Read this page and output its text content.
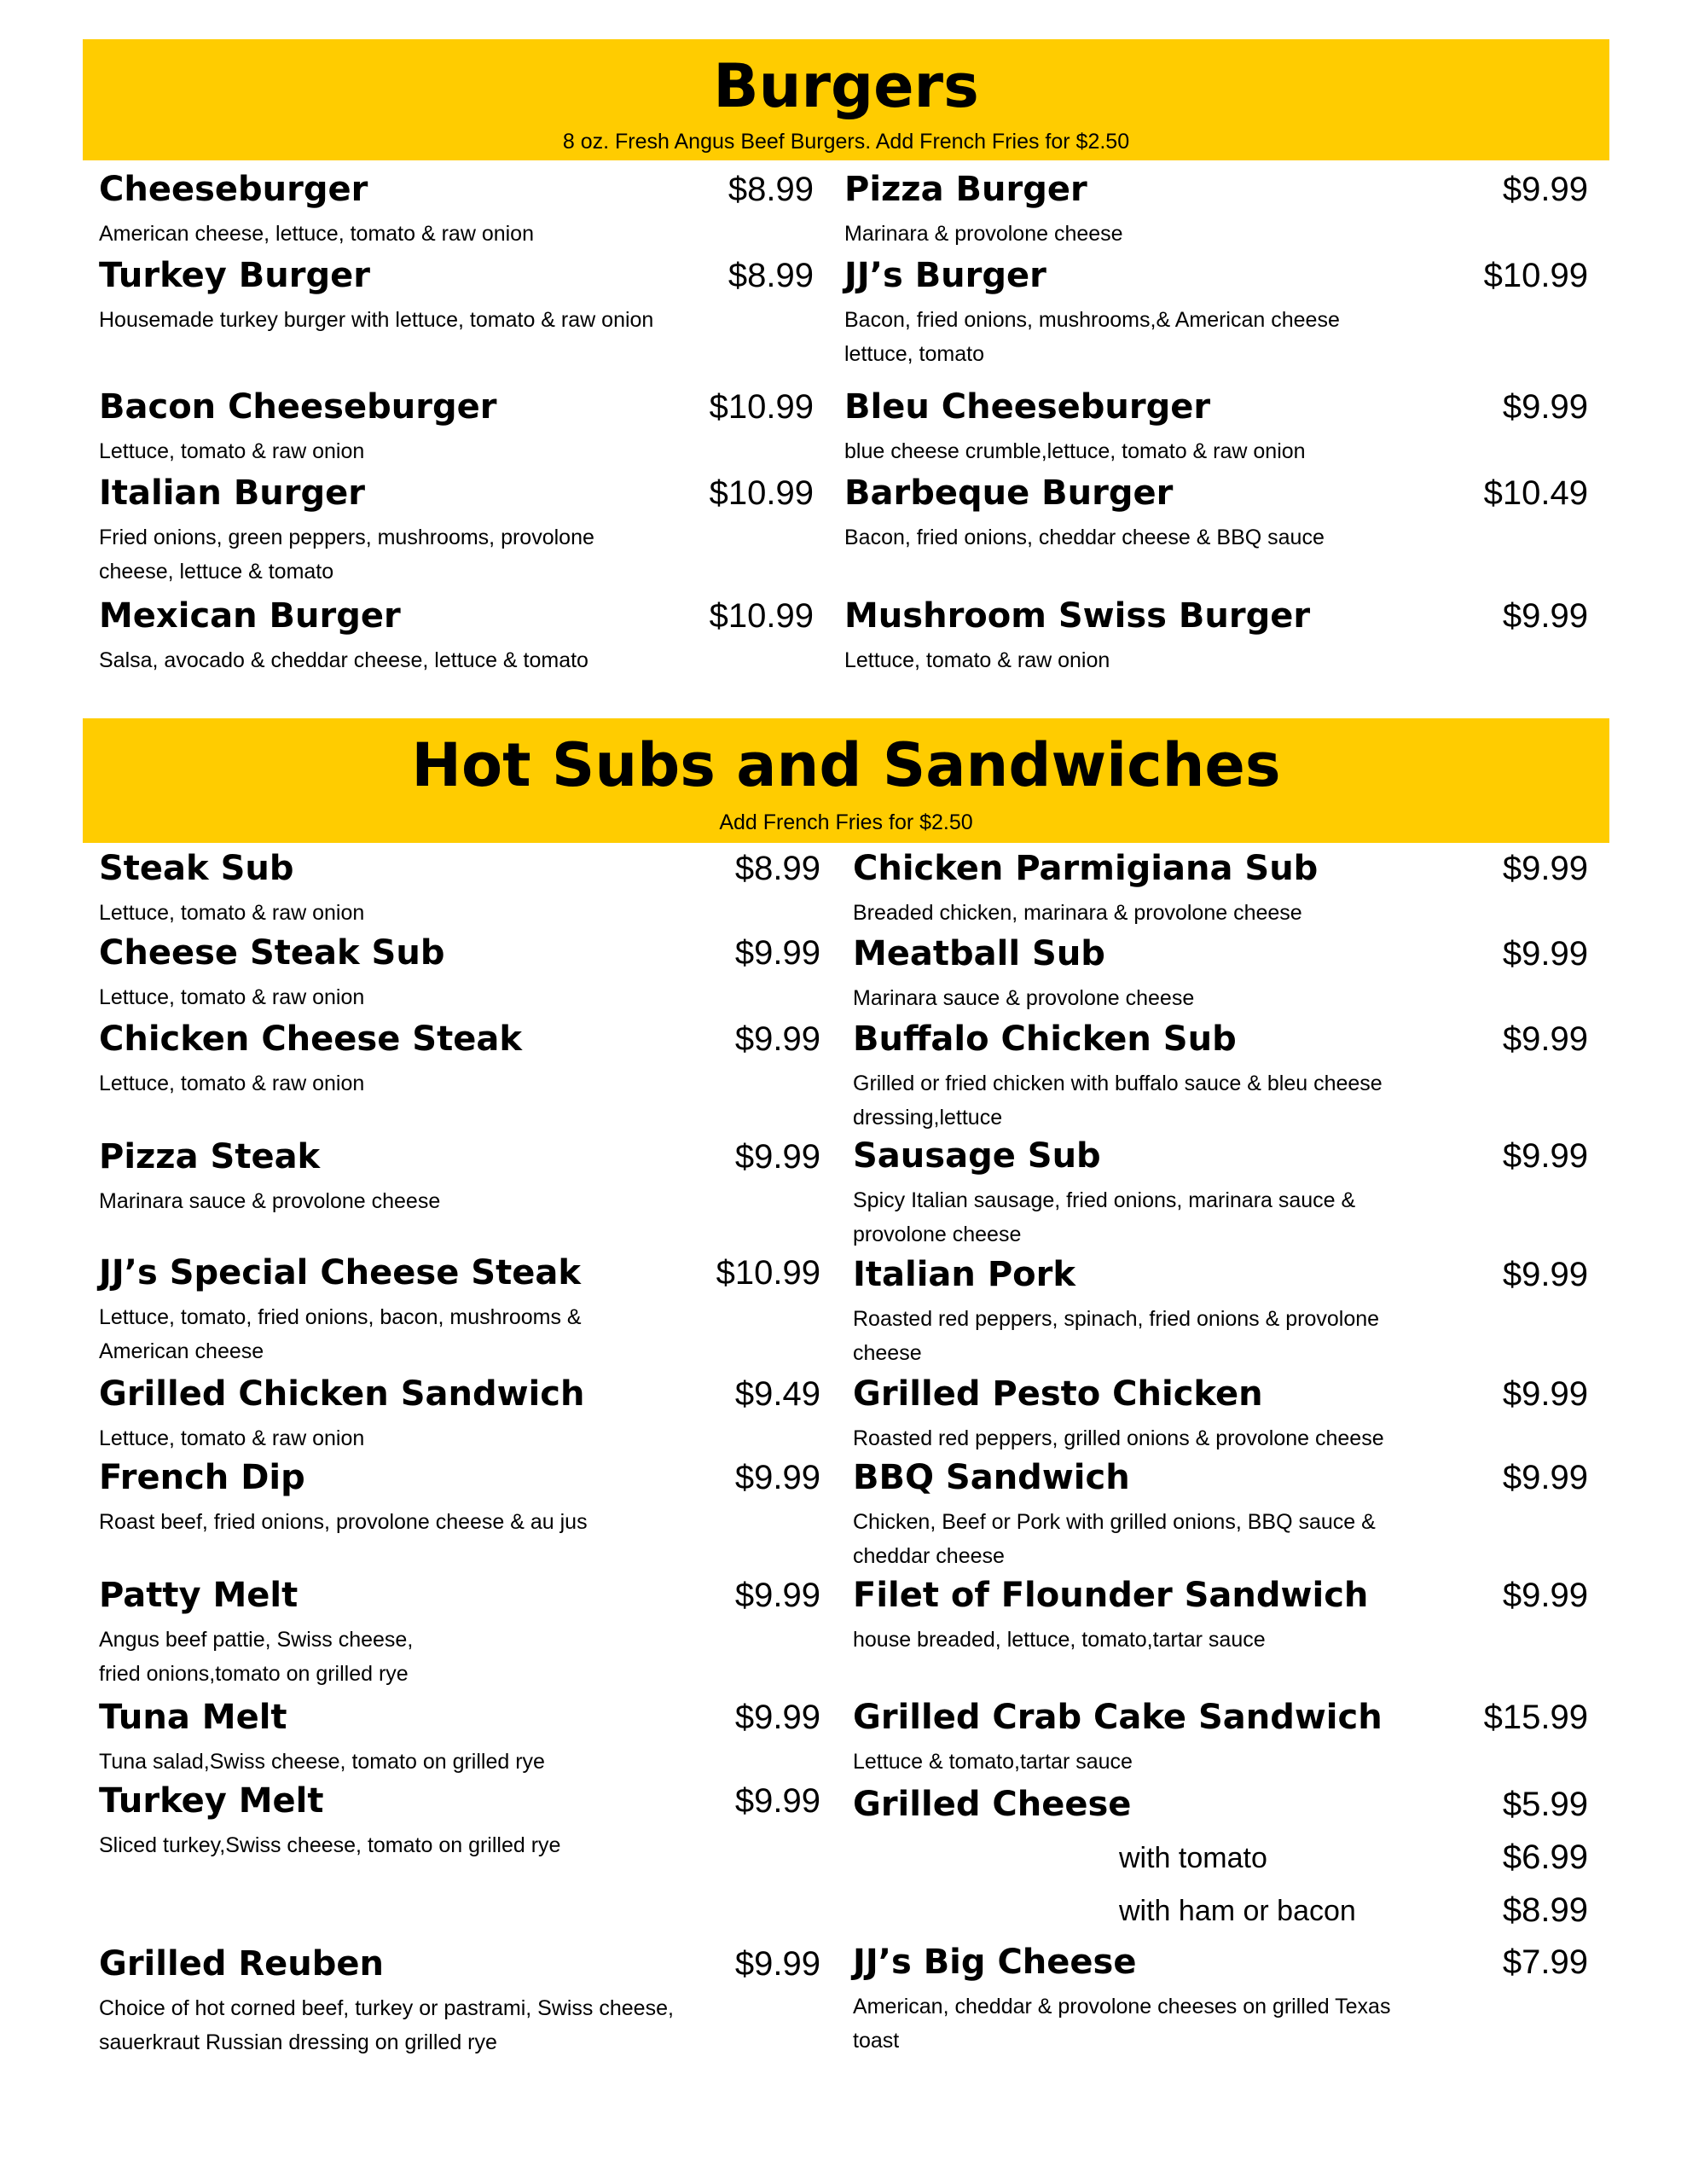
Burgers
8 oz. Fresh Angus Beef Burgers. Add French Fries for $2.50
Cheeseburger	$8.99
American cheese, lettuce, tomato & raw onion
Pizza Burger	$9.99
Marinara & provolone cheese
Turkey Burger	$8.99
Housemade turkey burger with lettuce, tomato & raw onion
JJ’s Burger	$10.99
Bacon, fried onions, mushrooms,& American cheese lettuce, tomato
Bacon Cheeseburger	$10.99
Lettuce, tomato & raw onion
Bleu Cheeseburger	$9.99
blue cheese crumble,lettuce, tomato & raw onion
Italian Burger	$10.99
Fried onions, green peppers, mushrooms, provolone cheese, lettuce & tomato
Barbeque Burger	$10.49
Bacon, fried onions, cheddar cheese & BBQ sauce
Mexican Burger	$10.99
Salsa, avocado & cheddar cheese, lettuce & tomato
Mushroom Swiss Burger	$9.99
Lettuce, tomato & raw onion
Hot Subs and Sandwiches
Add French Fries for $2.50
Steak Sub	$8.99
Lettuce, tomato & raw onion
Cheese Steak Sub	$9.99
Lettuce, tomato & raw onion
Chicken Cheese Steak	$9.99
Lettuce, tomato & raw onion
Pizza Steak	$9.99
Marinara sauce & provolone cheese
JJ’s Special Cheese Steak	$10.99
Lettuce, tomato, fried onions, bacon, mushrooms & American cheese
Grilled Chicken Sandwich	$9.49
Lettuce, tomato & raw onion
French Dip	$9.99
Roast beef, fried onions, provolone cheese & au jus
Patty Melt	$9.99
Angus beef pattie, Swiss cheese, fried onions,tomato on grilled rye
Tuna Melt	$9.99
Tuna salad,Swiss cheese, tomato on grilled rye
Turkey Melt	$9.99
Sliced turkey,Swiss cheese, tomato on grilled rye
Grilled Reuben	$9.99
Choice of hot corned beef, turkey or pastrami, Swiss cheese, sauerkraut Russian dressing on grilled rye
Chicken Parmigiana Sub	$9.99
Breaded chicken, marinara & provolone cheese
Meatball Sub	$9.99
Marinara sauce & provolone cheese
Buffalo Chicken Sub	$9.99
Grilled or fried chicken with buffalo sauce & bleu cheese dressing,lettuce
Sausage Sub	$9.99
Spicy Italian sausage, fried onions, marinara sauce & provolone cheese
Italian Pork	$9.99
Roasted red peppers, spinach, fried onions & provolone cheese
Grilled Pesto Chicken	$9.99
Roasted red peppers, grilled onions & provolone cheese
BBQ Sandwich	$9.99
Chicken, Beef or Pork with grilled onions, BBQ sauce & cheddar cheese
Filet of Flounder Sandwich	$9.99
house breaded, lettuce, tomato,tartar sauce
Grilled Crab Cake Sandwich	$15.99
Lettuce & tomato,tartar sauce
Grilled Cheese	$5.99
with tomato	$6.99
with ham or bacon	$8.99
JJ’s Big Cheese	$7.99
American, cheddar & provolone cheeses on grilled Texas toast
